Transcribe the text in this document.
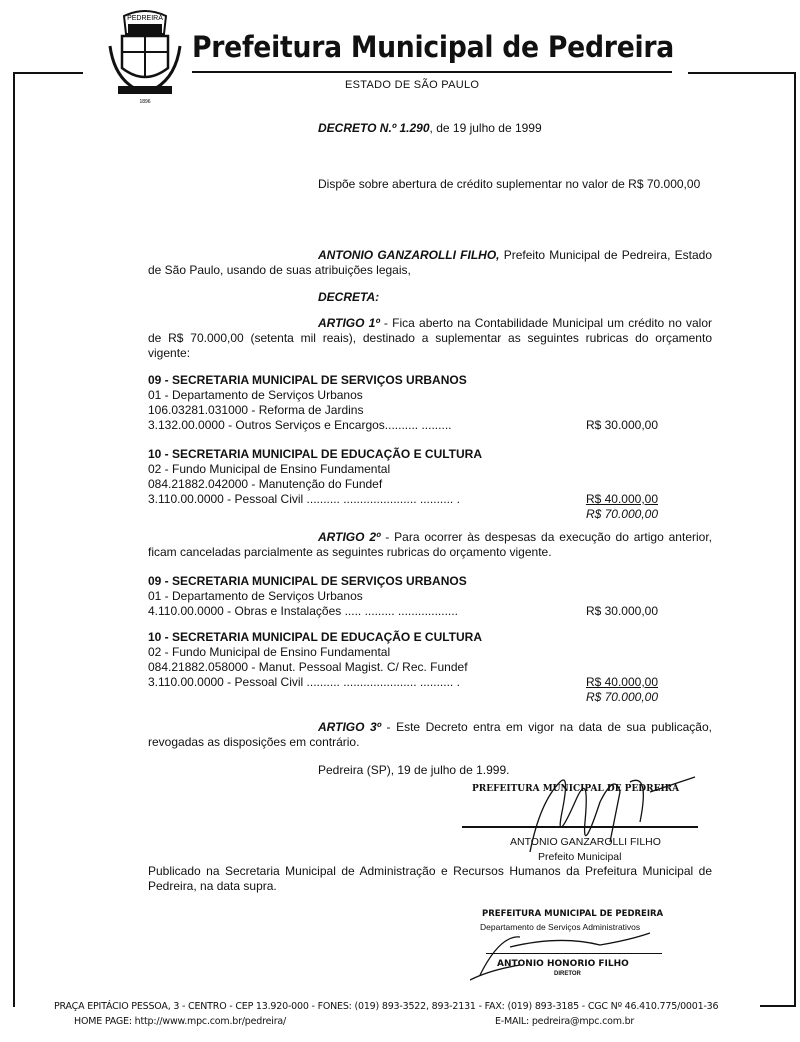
PEDREIRA
1896
Prefeitura Municipal de Pedreira
ESTADO DE SÃO PAULO
DECRETO N.º 1.290, de 19 julho de 1999
Dispõe sobre abertura de crédito suplementar no valor de R$ 70.000,00
ANTONIO GANZAROLLI FILHO, Prefeito Municipal de Pedreira, Estado de São Paulo, usando de suas atribuições legais,
DECRETA:
ARTIGO 1º - Fica aberto na Contabilidade Municipal um crédito no valor de R$ 70.000,00 (setenta mil reais), destinado a suplementar as seguintes rubricas do orçamento vigente:
09 - SECRETARIA MUNICIPAL DE SERVIÇOS URBANOS
01 - Departamento de Serviços Urbanos
106.03281.031000 - Reforma de Jardins
3.132.00.0000 - Outros Serviços e Encargos.......... .........	R$ 30.000,00
10 - SECRETARIA MUNICIPAL DE EDUCAÇÃO E CULTURA
02 - Fundo Municipal de Ensino Fundamental
084.21882.042000 - Manutenção do Fundef
3.110.00.0000 - Pessoal Civil .......... ...................... .......... .	R$ 40.000,00
R$ 70.000,00
ARTIGO 2º - Para ocorrer às despesas da execução do artigo anterior, ficam canceladas parcialmente as seguintes rubricas do orçamento vigente.
09 - SECRETARIA MUNICIPAL DE SERVIÇOS URBANOS
01 - Departamento de Serviços Urbanos
4.110.00.0000 - Obras e Instalações ..... ......... ..................	R$ 30.000,00
10 - SECRETARIA MUNICIPAL DE EDUCAÇÃO E CULTURA
02 - Fundo Municipal de Ensino Fundamental
084.21882.058000 - Manut. Pessoal Magist. C/ Rec. Fundef
3.110.00.0000 - Pessoal Civil .......... ...................... .......... .	R$ 40.000,00
R$ 70.000,00
ARTIGO 3º - Este Decreto entra em vigor na data de sua publicação, revogadas as disposições em contrário.
Pedreira (SP), 19 de julho de 1.999.
PREFEITURA MUNICIPAL DE PEDREIRA
ANTONIO GANZAROLLI FILHO
Prefeito Municipal
Publicado na Secretaria Municipal de Administração e Recursos Humanos da Prefeitura Municipal de Pedreira, na data supra.
PREFEITURA MUNICIPAL DE PEDREIRA
Departamento de Serviços Administrativos
ANTONIO HONORIO FILHO
DIRETOR
PRAÇA EPITÁCIO PESSOA, 3 - CENTRO - CEP 13.920-000 - FONES: (019) 893-3522, 893-2131 - FAX: (019) 893-3185 - CGC Nº 46.410.775/0001-36
HOME PAGE: http://www.mpc.com.br/pedreira/	E-MAIL: pedreira@mpc.com.br
